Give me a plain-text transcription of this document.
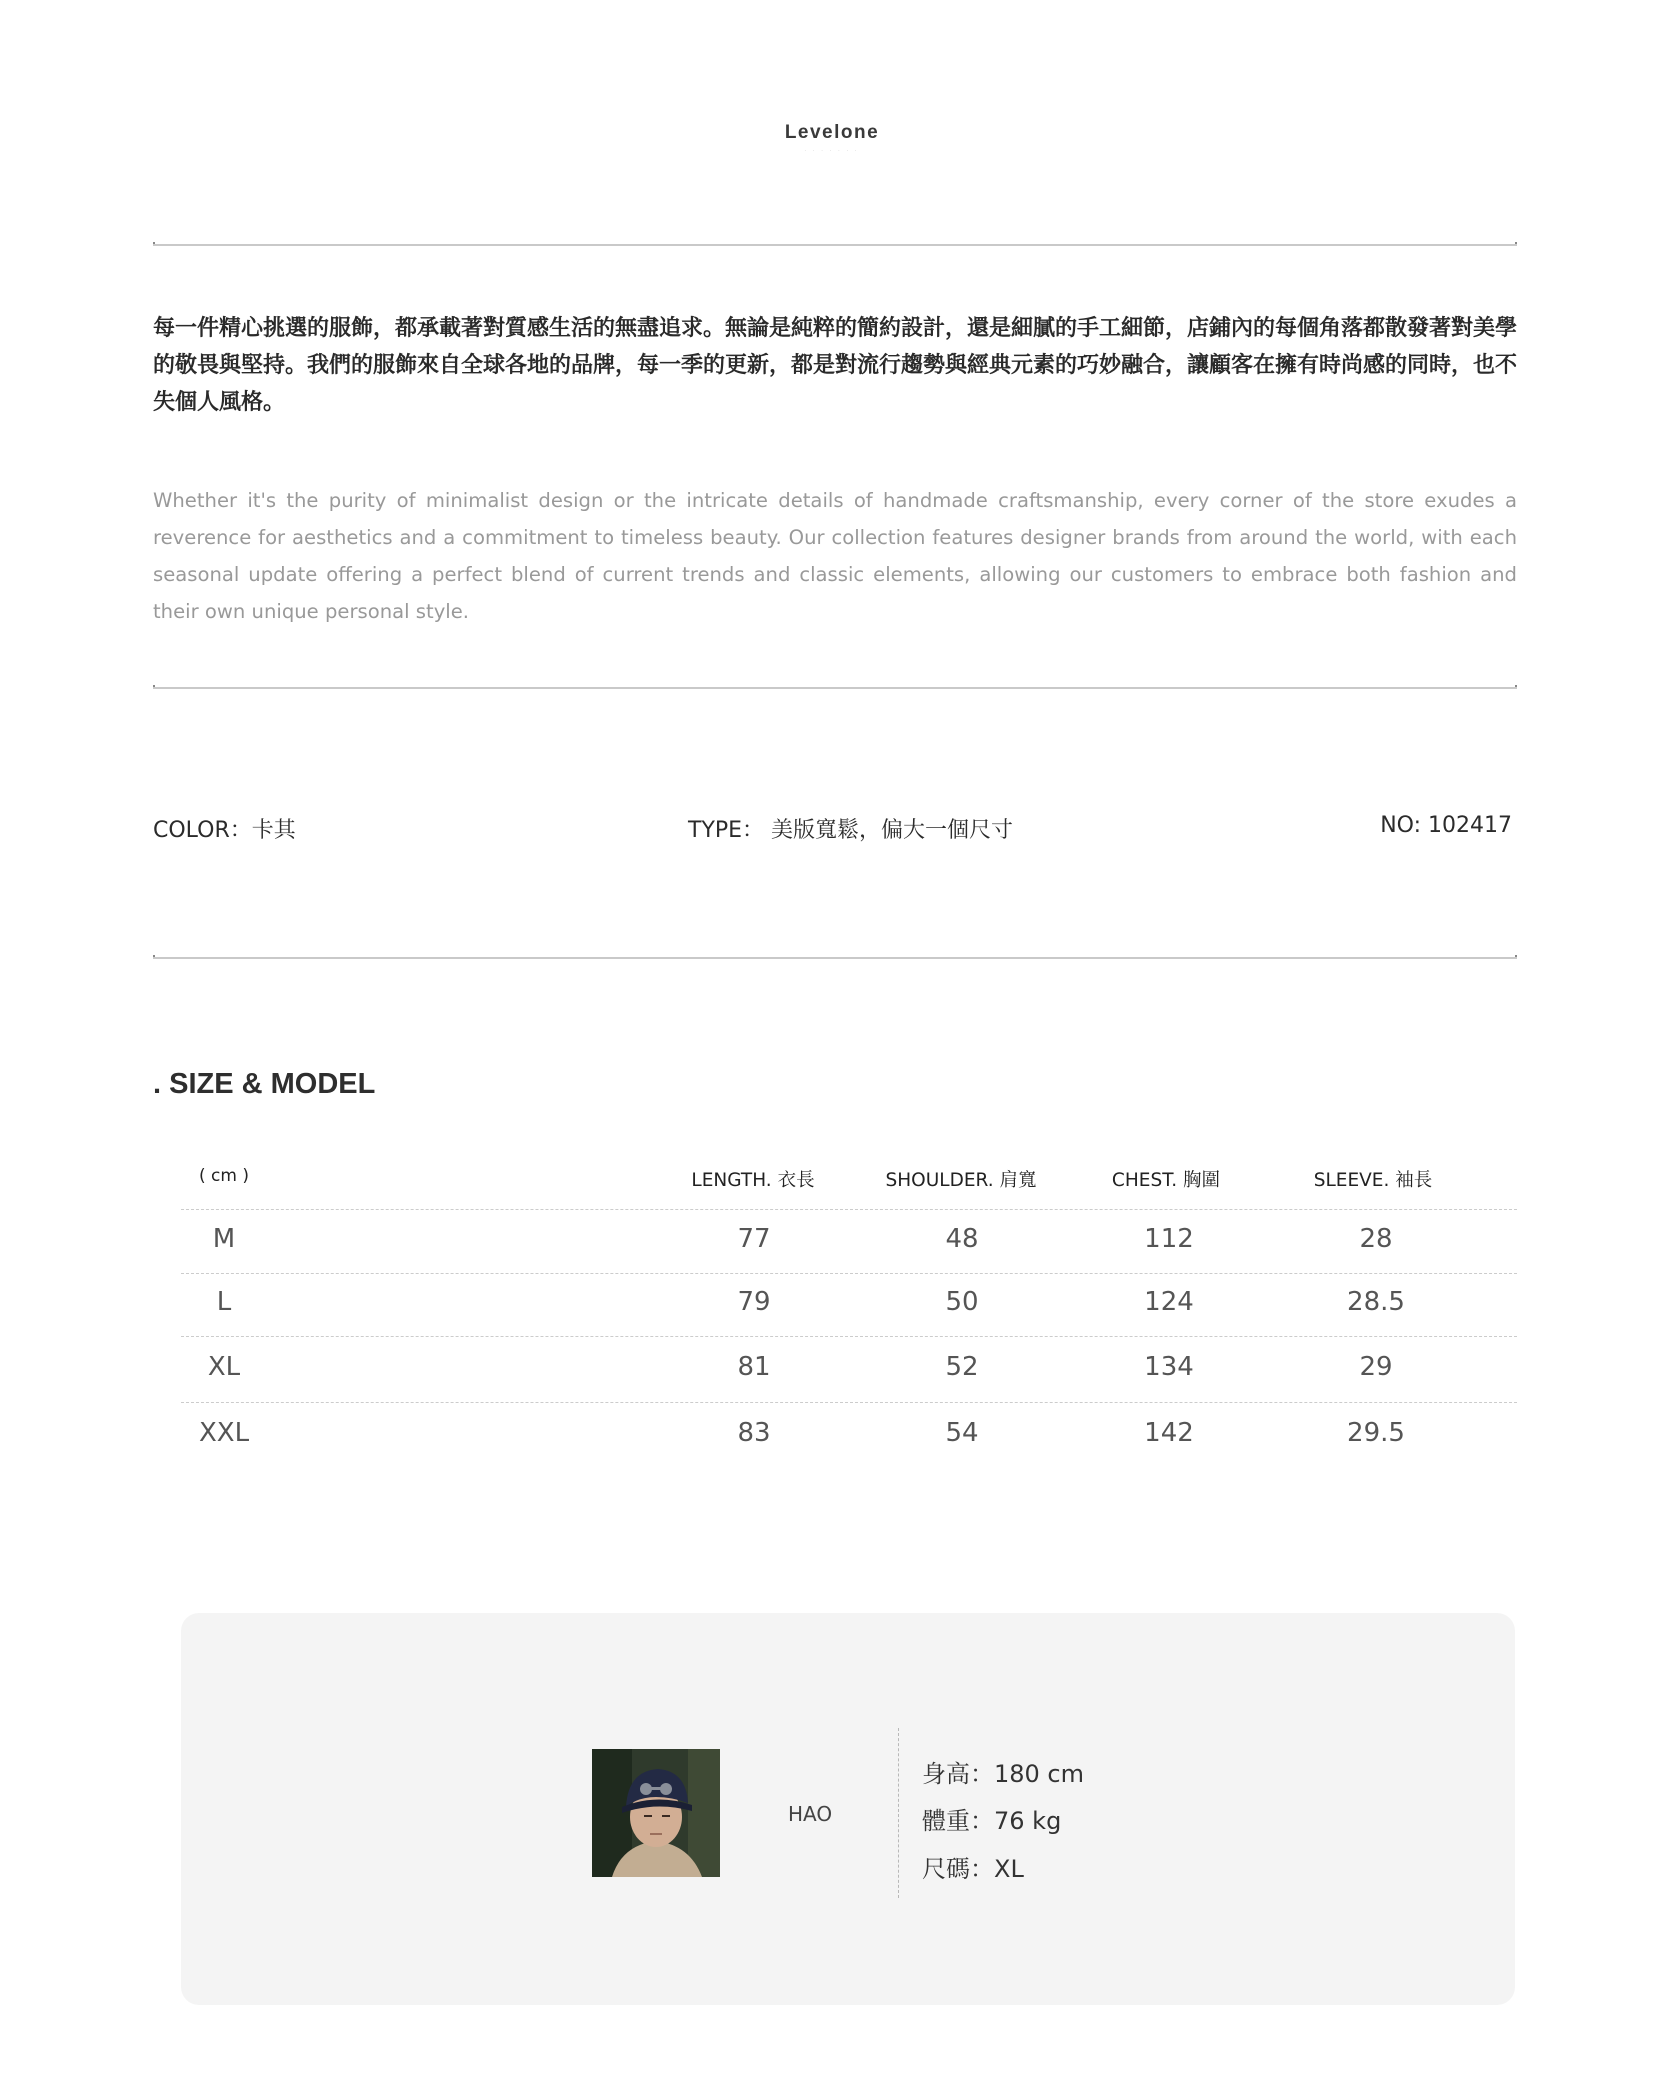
Levelone
· · · · · · ·
每一件精心挑選的服飾，都承載著對質感生活的無盡追求。無論是純粹的簡約設計，還是細膩的手工細節，店鋪內的每個角落都散發著對美學的敬畏與堅持。我們的服飾來自全球各地的品牌，每一季的更新，都是對流行趨勢與經典元素的巧妙融合，讓顧客在擁有時尚感的同時，也不失個人風格。
Whether it's the purity of minimalist design or the intricate details of handmade craftsmanship, every corner of the store exudes a reverence for aesthetics and a commitment to timeless beauty. Our collection features designer brands from around the world, with each seasonal update offering a perfect blend of current trends and classic elements, allowing our customers to embrace both fashion and their own unique personal style.
COLOR：卡其	TYPE： 美版寬鬆，偏大一個尺寸	NO: 102417
. SIZE & MODEL
( cm )	LENGTH. 衣長	SHOULDER. 肩寬	CHEST. 胸圍	SLEEVE. 袖長
M	77	48	112	28
L	79	50	124	28.5
XL	81	52	134	29
XXL	83	54	142	29.5
HAO
身高：180 cm
體重：76 kg
尺碼：XL
